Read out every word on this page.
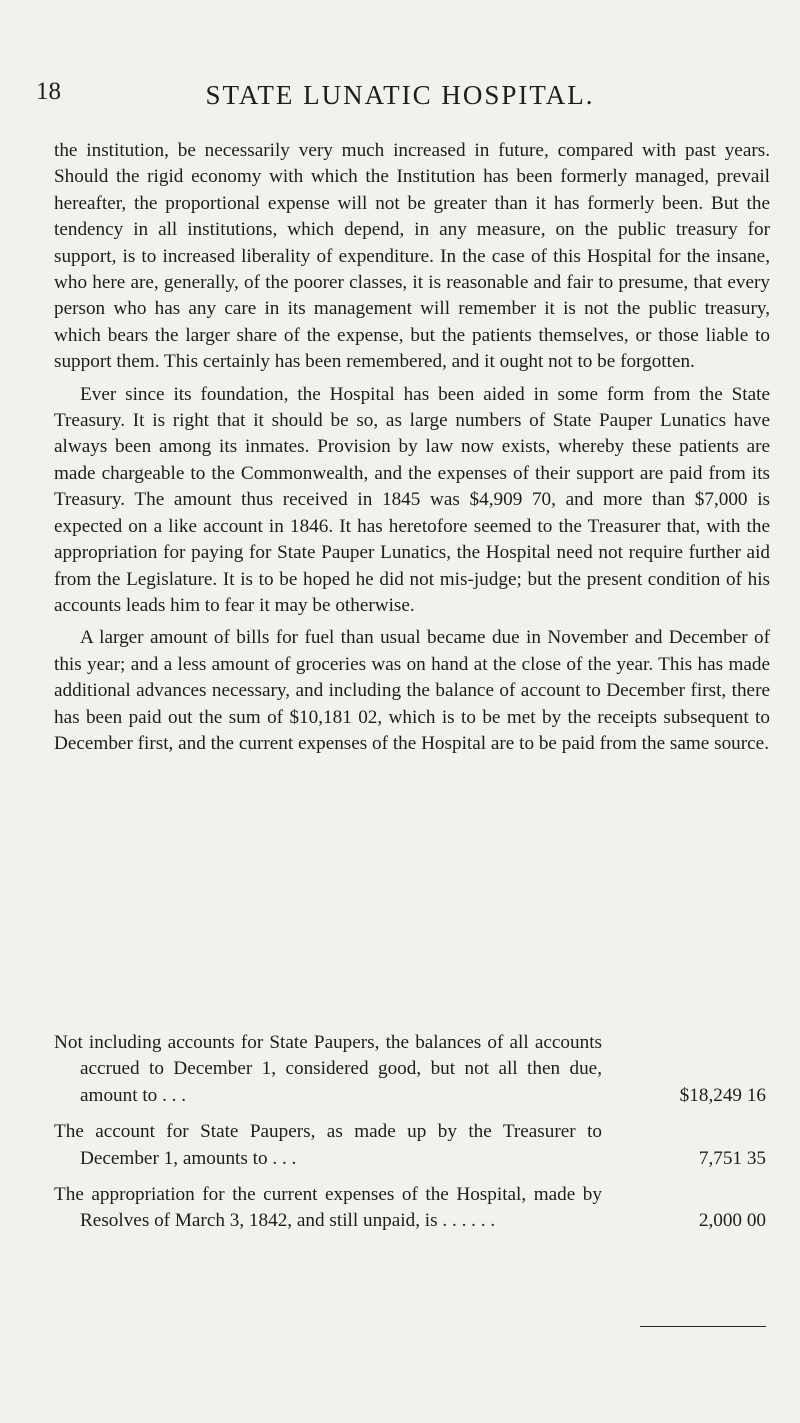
18	STATE LUNATIC HOSPITAL.

the institution, be necessarily very much increased in future, compared with past years. Should the rigid economy with which the Institution has been formerly managed, prevail hereafter, the proportional expense will not be greater than it has formerly been. But the tendency in all institutions, which depend, in any measure, on the public treasury for support, is to increased liberality of expenditure. In the case of this Hospital for the insane, who here are, generally, of the poorer classes, it is reasonable and fair to presume, that every person who has any care in its management will remember it is not the public treasury, which bears the larger share of the expense, but the patients themselves, or those liable to support them. This certainly has been remembered, and it ought not to be forgotten.

Ever since its foundation, the Hospital has been aided in some form from the State Treasury. It is right that it should be so, as large numbers of State Pauper Lunatics have always been among its inmates. Provision by law now exists, whereby these patients are made chargeable to the Commonwealth, and the expenses of their support are paid from its Treasury. The amount thus received in 1845 was $4,909 70, and more than $7,000 is expected on a like account in 1846. It has heretofore seemed to the Treasurer that, with the appropriation for paying for State Pauper Lunatics, the Hospital need not require further aid from the Legislature. It is to be hoped he did not mis-judge; but the present condition of his accounts leads him to fear it may be otherwise.

A larger amount of bills for fuel than usual became due in November and December of this year; and a less amount of groceries was on hand at the close of the year. This has made additional advances necessary, and including the balance of account to December first, there has been paid out the sum of $10,181 02, which is to be met by the receipts subsequent to December first, and the current expenses of the Hospital are to be paid from the same source.

Not including accounts for State Paupers, the balances of all accounts accrued to December 1, considered good, but not all then due, amount to . . .	$18,249 16
The account for State Paupers, as made up by the Treasurer to December 1, amounts to . . .	7,751 35
The appropriation for the current expenses of the Hospital, made by Resolves of March 3, 1842, and still unpaid, is . . . . . .	2,000 00
